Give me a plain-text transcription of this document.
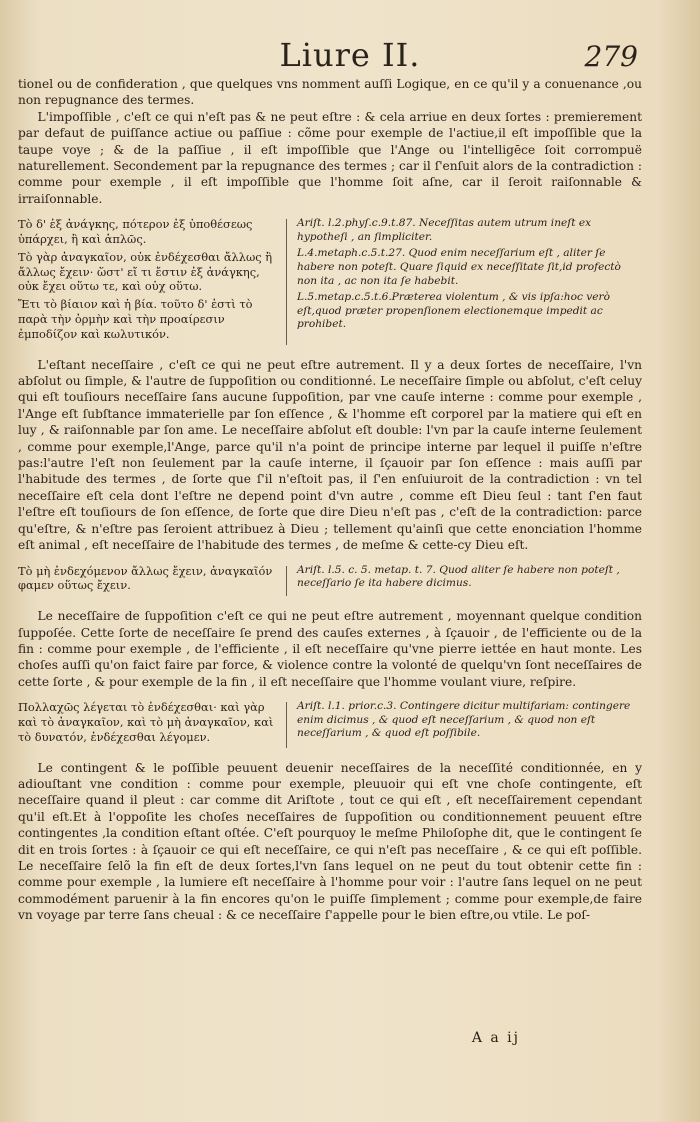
Liure II.	279

tionel ou de confideration , que quelques vns nomment auſſi Logique, en ce qu'il y a conuenance ,ou non repugnance des termes.

L'impoſſible , c'eſt ce qui n'eſt pas & ne peut eſtre : & cela arriue en deux ſortes : premierement par defaut de puiſſance actiue ou paſſiue : cõme pour exemple de l'actiue,il eſt impoſſible que la taupe voye ; & de la paſſiue , il eſt impoſſible que l'Ange ou l'intelligēce ſoit corrompuë naturellement. Secondement par la repugnance des termes ; car il ſ'enſuit alors de la contradiction : comme pour exemple , il eſt impoſſible que l'homme ſoit aſne, car il ſeroit raiſonnable & irraiſonnable.

Τὸ δ' ἐξ ἀνάγκης, πότερον ἐξ ὑποθέσεως ὑπάρχει, ἢ καὶ ἁπλῶς.

Τὸ γὰρ ἀναγκαῖον, οὐκ ἐνδέχεσθαι ἄλλως ἢ ἄλλως ἔχειν· ὥστ' εἴ τι ἔστιν ἐξ ἀνάγκης, οὐκ ἔχει οὕτω τε, καὶ οὐχ οὕτω.

Ἔτι τὸ βίαιον καὶ ἡ βία. τοῦτο δ' ἐστὶ τὸ παρὰ τὴν ὁρμὴν καὶ τὴν προαίρεσιν ἐμποδίζον καὶ κωλυτικόν.

Ariſt. l.2.phyſ.c.9.t.87. Neceſſitas autem utrum ineſt ex hypotheſi , an ſimpliciter.

L.4.metaph.c.5.t.27. Quod enim neceſſarium eſt , aliter ſe habere non poteſt. Quare ſiquid ex neceſſitate ſit,id profectò non ita , ac non ita ſe habebit.

L.5.metap.c.5.t.6.Præterea violentum , & vis ipſa:hoc verò eſt,quod præter propenſionem electionemque impedit ac prohibet.

L'eſtant neceſſaire , c'eſt ce qui ne peut eſtre autrement. Il y a deux ſortes de neceſſaire, l'vn abſolut ou ſimple, & l'autre de ſuppoſition ou conditionné. Le neceſſaire ſimple ou abſolut, c'eſt celuy qui eſt touſiours neceſſaire ſans aucune ſuppoſition, par vne cauſe interne : comme pour exemple , l'Ange eſt ſubſtance immaterielle par ſon eſſence , & l'homme eſt corporel par la matiere qui eſt en luy , & raiſonnable par ſon ame. Le neceſſaire abſolut eſt double: l'vn par la cauſe interne ſeulement , comme pour exemple,l'Ange, parce qu'il n'a point de principe interne par lequel il puiſſe n'eſtre pas:l'autre l'eſt non ſeulement par la cauſe interne, il ſçauoir par ſon eſſence : mais auſſi par l'habitude des termes , de ſorte que ſ'il n'eſtoit pas, il ſ'en enſuiuroit de la contradiction : vn tel neceſſaire eſt cela dont l'eſtre ne depend point d'vn autre , comme eſt Dieu ſeul : tant ſ'en faut l'eſtre eſt touſiours de ſon eſſence, de ſorte que dire Dieu n'eſt pas , c'eſt de la contradiction: parce qu'eſtre, & n'eſtre pas ſeroient attribuez à Dieu ; tellement qu'ainſi que cette enonciation l'homme eſt animal , eſt neceſſaire de l'habitude des termes , de meſme & cette-cy Dieu eſt.

Τὸ μὴ ἐνδεχόμενον ἄλλως ἔχειν, ἀναγκαῖόν φαμεν οὕτως ἔχειν.

Ariſt. l.5. c. 5. metap. t. 7. Quod aliter ſe habere non poteſt , neceſſario ſe ita habere dicimus.

Le neceſſaire de ſuppoſition c'eſt ce qui ne peut eſtre autrement , moyennant quelque condition ſuppoſée. Cette ſorte de neceſſaire ſe prend des cauſes externes , à ſçauoir , de l'efficiente ou de la fin : comme pour exemple , de l'efficiente , il eſt neceſſaire qu'vne pierre iettée en haut monte. Les choſes auſſi qu'on faict faire par force, & violence contre la volonté de quelqu'vn ſont neceſſaires de cette ſorte , & pour exemple de la fin , il eſt neceſſaire que l'homme voulant viure, reſpire.

Πολλαχῶς λέγεται τὸ ἐνδέχεσθαι· καὶ γὰρ καὶ τὸ ἀναγκαῖον, καὶ τὸ μὴ ἀναγκαῖον, καὶ τὸ δυνατόν, ἐνδέχεσθαι λέγομεν.

Ariſt. l.1. prior.c.3. Contingere dicitur multifariam: contingere enim dicimus , & quod eſt neceſſarium , & quod non eſt neceſſarium , & quod eſt poſſibile.

Le contingent & le poſſible peuuent deuenir neceſſaires de la neceſſité conditionnée, en y adiouſtant vne condition : comme pour exemple, pleuuoir qui eſt vne choſe contingente, eſt neceſſaire quand il pleut : car comme dit Ariſtote , tout ce qui eſt , eſt neceſſairement cependant qu'il eſt.Et à l'oppoſite les choſes neceſſaires de ſuppoſition ou conditionnement peuuent eſtre contingentes ,la condition eſtant oſtée. C'eſt pourquoy le meſme Philoſophe dit, que le contingent ſe dit en trois ſortes : à ſçauoir ce qui eſt neceſſaire, ce qui n'eſt pas neceſſaire , & ce qui eſt poſſible. Le neceſſaire ſelõ la fin eſt de deux ſortes,l'vn ſans lequel on ne peut du tout obtenir cette fin : comme pour exemple , la lumiere eſt neceſſaire à l'homme pour voir : l'autre ſans lequel on ne peut commodément paruenir à la fin encores qu'on le puiſſe ſimplement ; comme pour exemple,de faire vn voyage par terre ſans cheual : & ce neceſſaire ſ'appelle pour le bien eſtre,ou vtile. Le poſ-

A a ij
